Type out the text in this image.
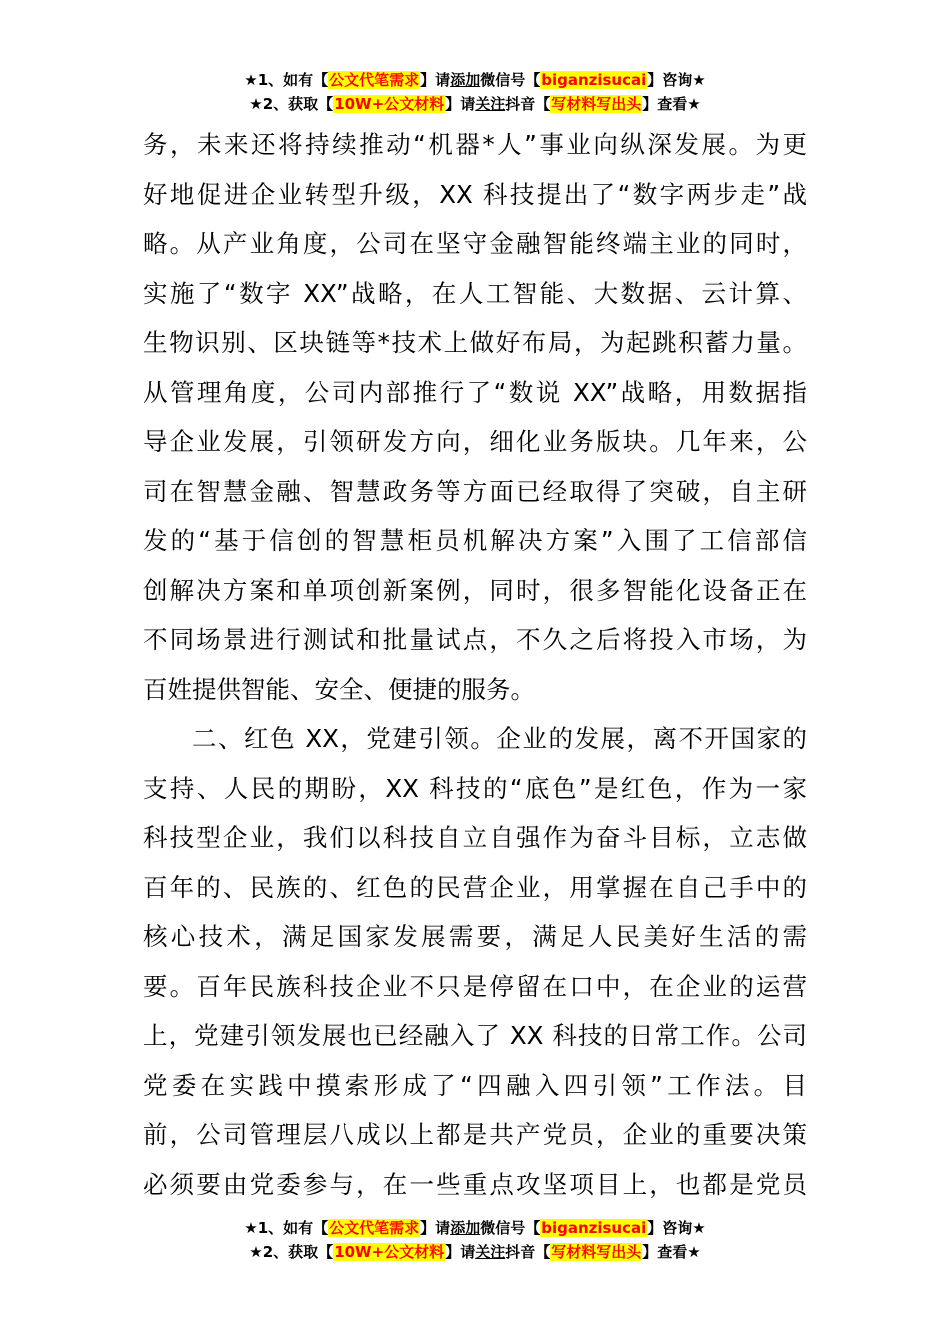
★1、如有【公文代笔需求】请添加微信号【biganzisucai】咨询★
★2、获取【10W+公文材料】请关注抖音【写材料写出头】查看★
务，未来还将持续推动“机器*人”事业向纵深发展。为更
好地促进企业转型升级，XX 科技提出了“数字两步走”战
略。从产业角度，公司在坚守金融智能终端主业的同时，
实施了“数字 XX”战略，在人工智能、大数据、云计算、
生物识别、区块链等*技术上做好布局，为起跳积蓄力量。
从管理角度，公司内部推行了“数说 XX”战略，用数据指
导企业发展，引领研发方向，细化业务版块。几年来，公
司在智慧金融、智慧政务等方面已经取得了突破，自主研
发的“基于信创的智慧柜员机解决方案”入围了工信部信
创解决方案和单项创新案例，同时，很多智能化设备正在
不同场景进行测试和批量试点，不久之后将投入市场，为
百姓提供智能、安全、便捷的服务。
二、红色 XX，党建引领。企业的发展，离不开国家的
支持、人民的期盼，XX 科技的“底色”是红色，作为一家
科技型企业，我们以科技自立自强作为奋斗目标，立志做
百年的、民族的、红色的民营企业，用掌握在自己手中的
核心技术，满足国家发展需要，满足人民美好生活的需
要。百年民族科技企业不只是停留在口中，在企业的运营
上，党建引领发展也已经融入了 XX 科技的日常工作。公司
党委在实践中摸索形成了“四融入四引领”工作法。目
前，公司管理层八成以上都是共产党员，企业的重要决策
必须要由党委参与，在一些重点攻坚项目上，也都是党员
★1、如有【公文代笔需求】请添加微信号【biganzisucai】咨询★
★2、获取【10W+公文材料】请关注抖音【写材料写出头】查看★
